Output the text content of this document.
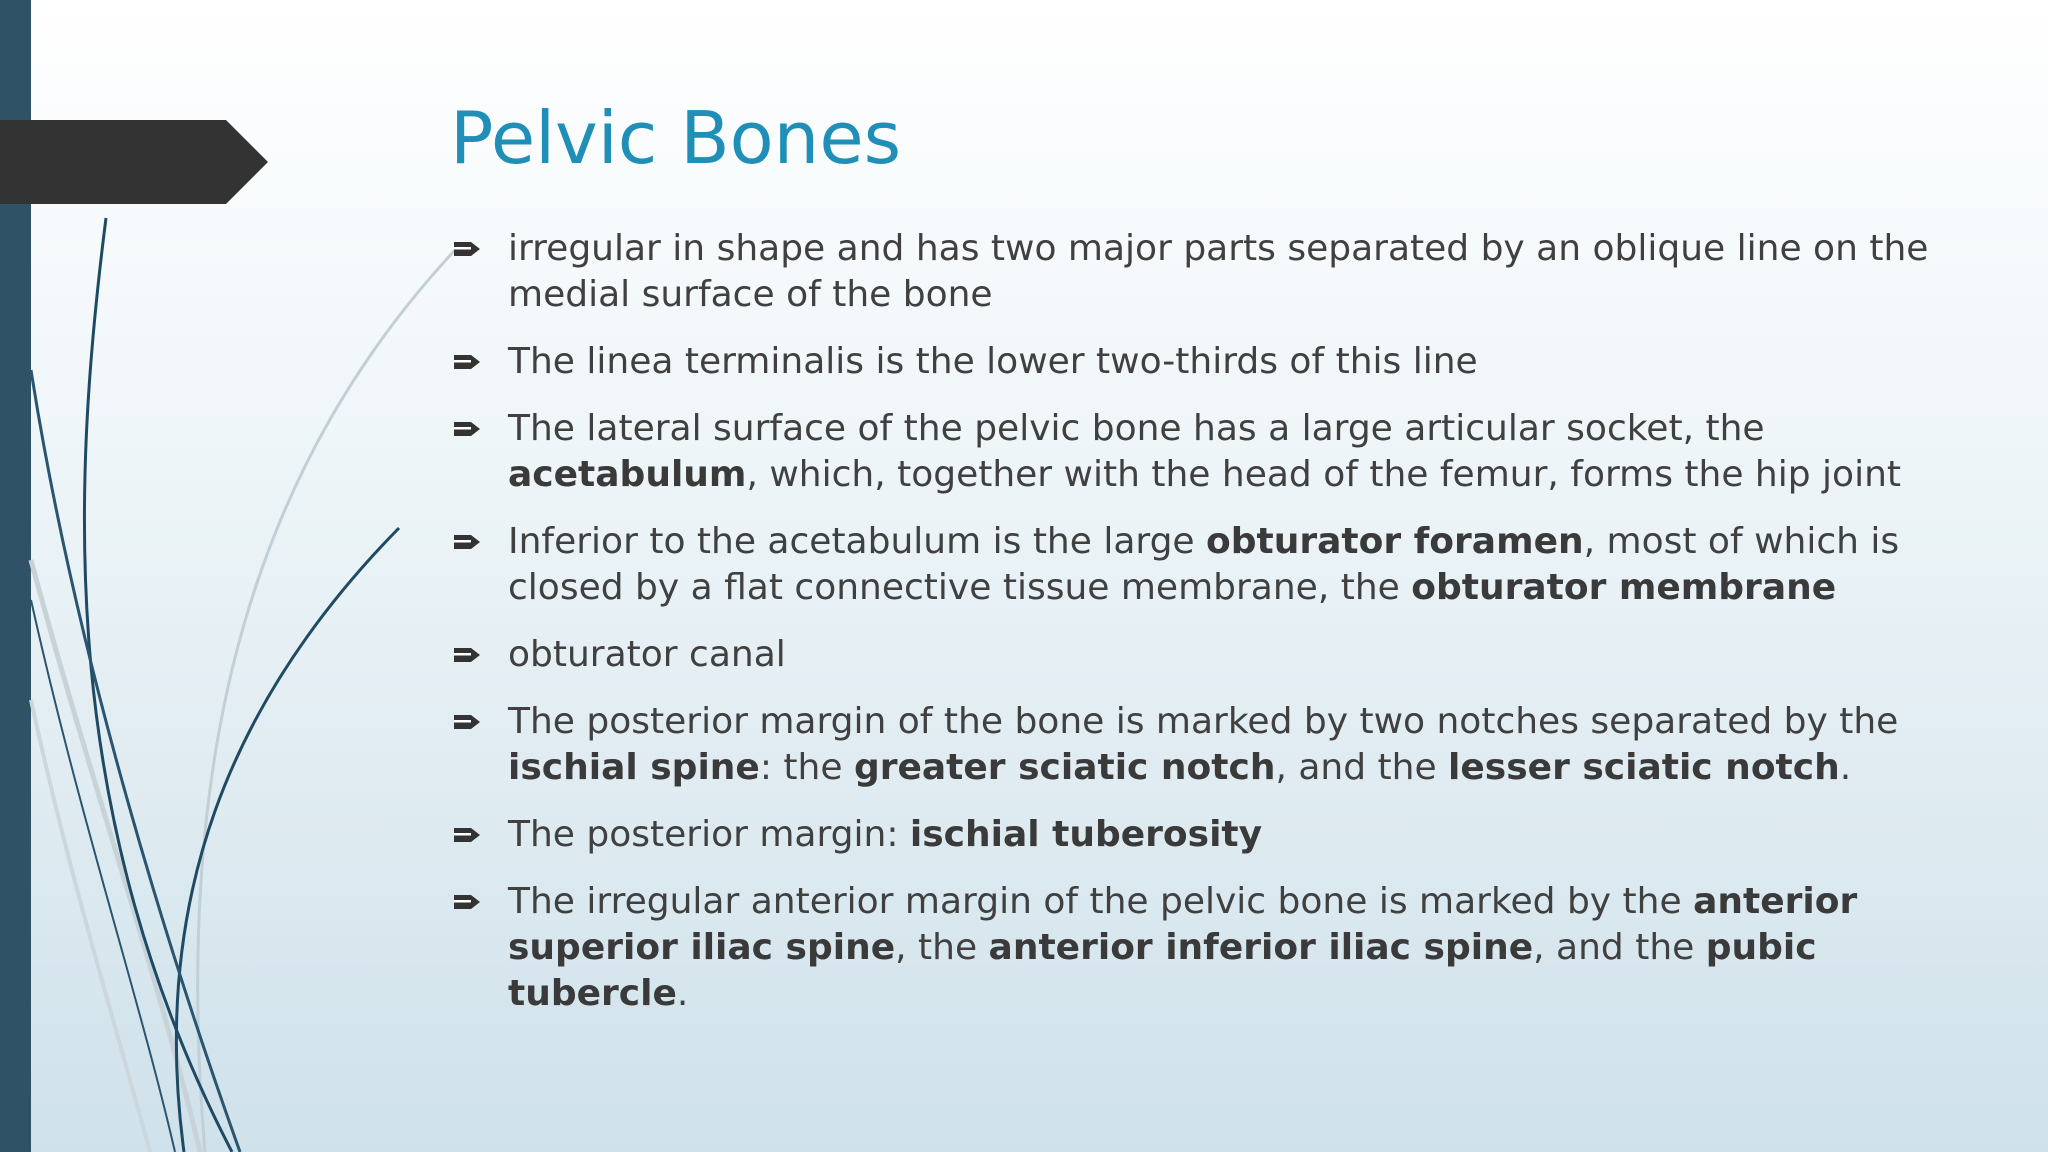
Pelvic Bones
irregular in shape and has two major parts separated by an oblique line on the medial surface of the bone
The linea terminalis is the lower two-thirds of this line
The lateral surface of the pelvic bone has a large articular socket, the acetabulum, which, together with the head of the femur, forms the hip joint
Inferior to the acetabulum is the large obturator foramen, most of which is closed by a flat connective tissue membrane, the obturator membrane
obturator canal
The posterior margin of the bone is marked by two notches separated by the ischial spine: the greater sciatic notch, and the lesser sciatic notch.
The posterior margin: ischial tuberosity
The irregular anterior margin of the pelvic bone is marked by the anterior superior iliac spine, the anterior inferior iliac spine, and the pubic tubercle.
